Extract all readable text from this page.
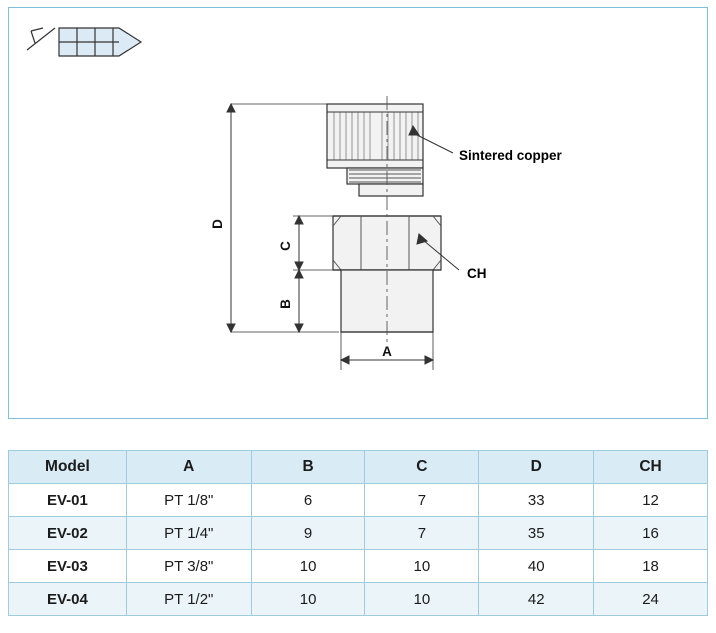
D
C
B
A
Sintered copper
CH
Model	A	B	C	D	CH
EV-01	PT 1/8"	6	7	33	12
EV-02	PT 1/4"	9	7	35	16
EV-03	PT 3/8"	10	10	40	18
EV-04	PT 1/2"	10	10	42	24
